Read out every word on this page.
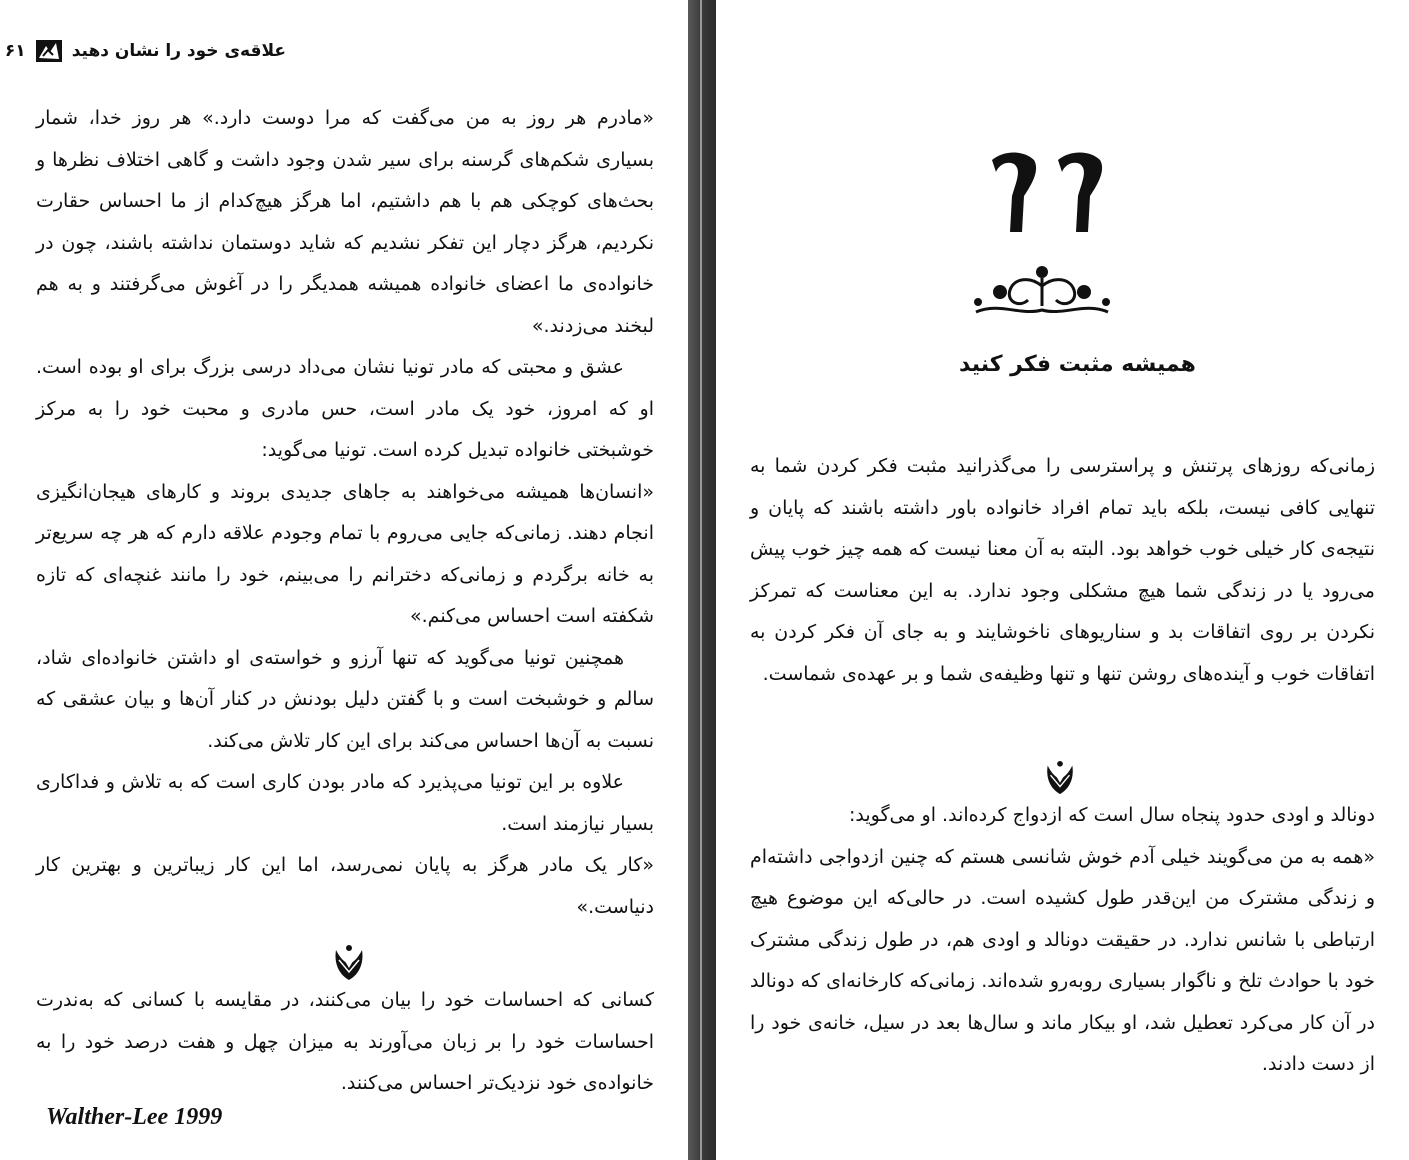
علاقه‌ی خود را نشان دهید
۶۱

«مادرم هر روز به من می‌گفت که مرا دوست دارد.» هر روز خدا، شمار بسیاری شکم‌های گرسنه برای سیر شدن وجود داشت و گاهی اختلاف نظرها و بحث‌های کوچکی هم با هم داشتیم، اما هرگز هیچ‌کدام از ما احساس حقارت نکردیم، هرگز دچار این تفکر نشدیم که شاید دوستمان نداشته باشند، چون در خانواده‌ی ما اعضای خانواده همیشه همدیگر را در آغوش می‌گرفتند و به هم لبخند می‌زدند.»

عشق و محبتی که مادر تونیا نشان می‌داد درسی بزرگ برای او بوده است. او که امروز، خود یک مادر است، حس مادری و محبت خود را به مرکز خوشبختی خانواده تبدیل کرده است. تونیا می‌گوید:

«انسان‌ها همیشه می‌خواهند به جاهای جدیدی بروند و کارهای هیجان‌انگیزی انجام دهند. زمانی‌که جایی می‌روم با تمام وجودم علاقه دارم که هر چه سریع‌تر به خانه برگردم و زمانی‌که دخترانم را می‌بینم، خود را مانند غنچه‌ای که تازه شکفته است احساس می‌کنم.»

همچنین تونیا می‌گوید که تنها آرزو و خواسته‌ی او داشتن خانواده‌ای شاد، سالم و خوشبخت است و با گفتن دلیل بودنش در کنار آن‌ها و بیان عشقی که نسبت به آن‌ها احساس می‌کند برای این کار تلاش می‌کند.

علاوه بر این تونیا می‌پذیرد که مادر بودن کاری است که به تلاش و فداکاری بسیار نیازمند است.

«کار یک مادر هرگز به پایان نمی‌رسد، اما این کار زیباترین و بهترین کار دنیاست.»

کسانی که احساسات خود را بیان می‌کنند، در مقایسه با کسانی که به‌ندرت احساسات خود را بر زبان می‌آورند به میزان چهل و هفت درصد خود را به خانواده‌ی خود نزدیک‌تر احساس می‌کنند.

Walther-Lee 1999
همیشه مثبت فکر کنید

زمانی‌که روزهای پرتنش و پراسترسی را می‌گذرانید مثبت فکر کردن شما به تنهایی کافی نیست، بلکه باید تمام افراد خانواده باور داشته باشند که پایان و نتیجه‌ی کار خیلی خوب خواهد بود. البته به آن معنا نیست که همه چیز خوب پیش می‌رود یا در زندگی شما هیچ مشکلی وجود ندارد. به این معناست که تمرکز نکردن بر روی اتفاقات بد و سناریوهای ناخوشایند و به جای آن فکر کردن به اتفاقات خوب و آینده‌های روشن تنها و تنها وظیفه‌ی شما و بر عهده‌ی شماست.

دونالد و اودی حدود پنجاه سال است که ازدواج کرده‌اند. او می‌گوید:

«همه به من می‌گویند خیلی آدم خوش شانسی هستم که چنین ازدواجی داشته‌ام و زندگی مشترک من این‌قدر طول کشیده است. در حالی‌که این موضوع هیچ ارتباطی با شانس ندارد. در حقیقت دونالد و اودی هم، در طول زندگی مشترک خود با حوادث تلخ و ناگوار بسیاری روبه‌رو شده‌اند. زمانی‌که کارخانه‌ای که دونالد در آن کار می‌کرد تعطیل شد، او بیکار ماند و سال‌ها بعد در سیل، خانه‌ی خود را از دست دادند.
